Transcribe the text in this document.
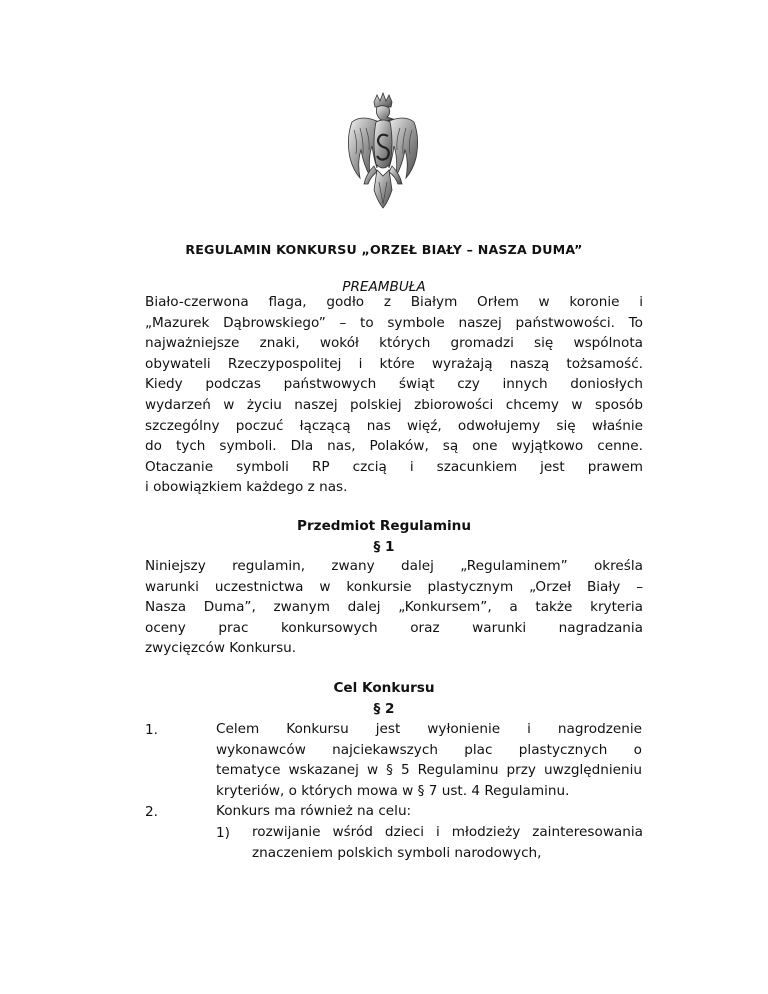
REGULAMIN KONKURSU „ORZEŁ BIAŁY – NASZA DUMA”
PREAMBUŁA
Biało-czerwona flaga, godło z Białym Orłem w koronie i
„Mazurek Dąbrowskiego” – to symbole naszej państwowości. To
najważniejsze znaki, wokół których gromadzi się wspólnota
obywateli Rzeczypospolitej i które wyrażają naszą tożsamość.
Kiedy podczas państwowych świąt czy innych doniosłych
wydarzeń w życiu naszej polskiej zbiorowości chcemy w sposób
szczególny poczuć łączącą nas więź, odwołujemy się właśnie
do tych symboli. Dla nas, Polaków, są one wyjątkowo cenne.
Otaczanie symboli RP czcią i szacunkiem jest prawem
i obowiązkiem każdego z nas.
Przedmiot Regulaminu
§ 1
Niniejszy regulamin, zwany dalej „Regulaminem” określa
warunki uczestnictwa w konkursie plastycznym „Orzeł Biały –
Nasza Duma”, zwanym dalej „Konkursem”, a także kryteria
oceny prac konkursowych oraz warunki nagradzania
zwycięzców Konkursu.
Cel Konkursu
§ 2
1.	Celem Konkursu jest wyłonienie i nagrodzenie
wykonawców najciekawszych plac plastycznych o
tematyce wskazanej w § 5 Regulaminu przy uwzględnieniu
kryteriów, o których mowa w § 7 ust. 4 Regulaminu.
2.	Konkurs ma również na celu:
1) rozwijanie wśród dzieci i młodzieży zainteresowania
znaczeniem polskich symboli narodowych,
